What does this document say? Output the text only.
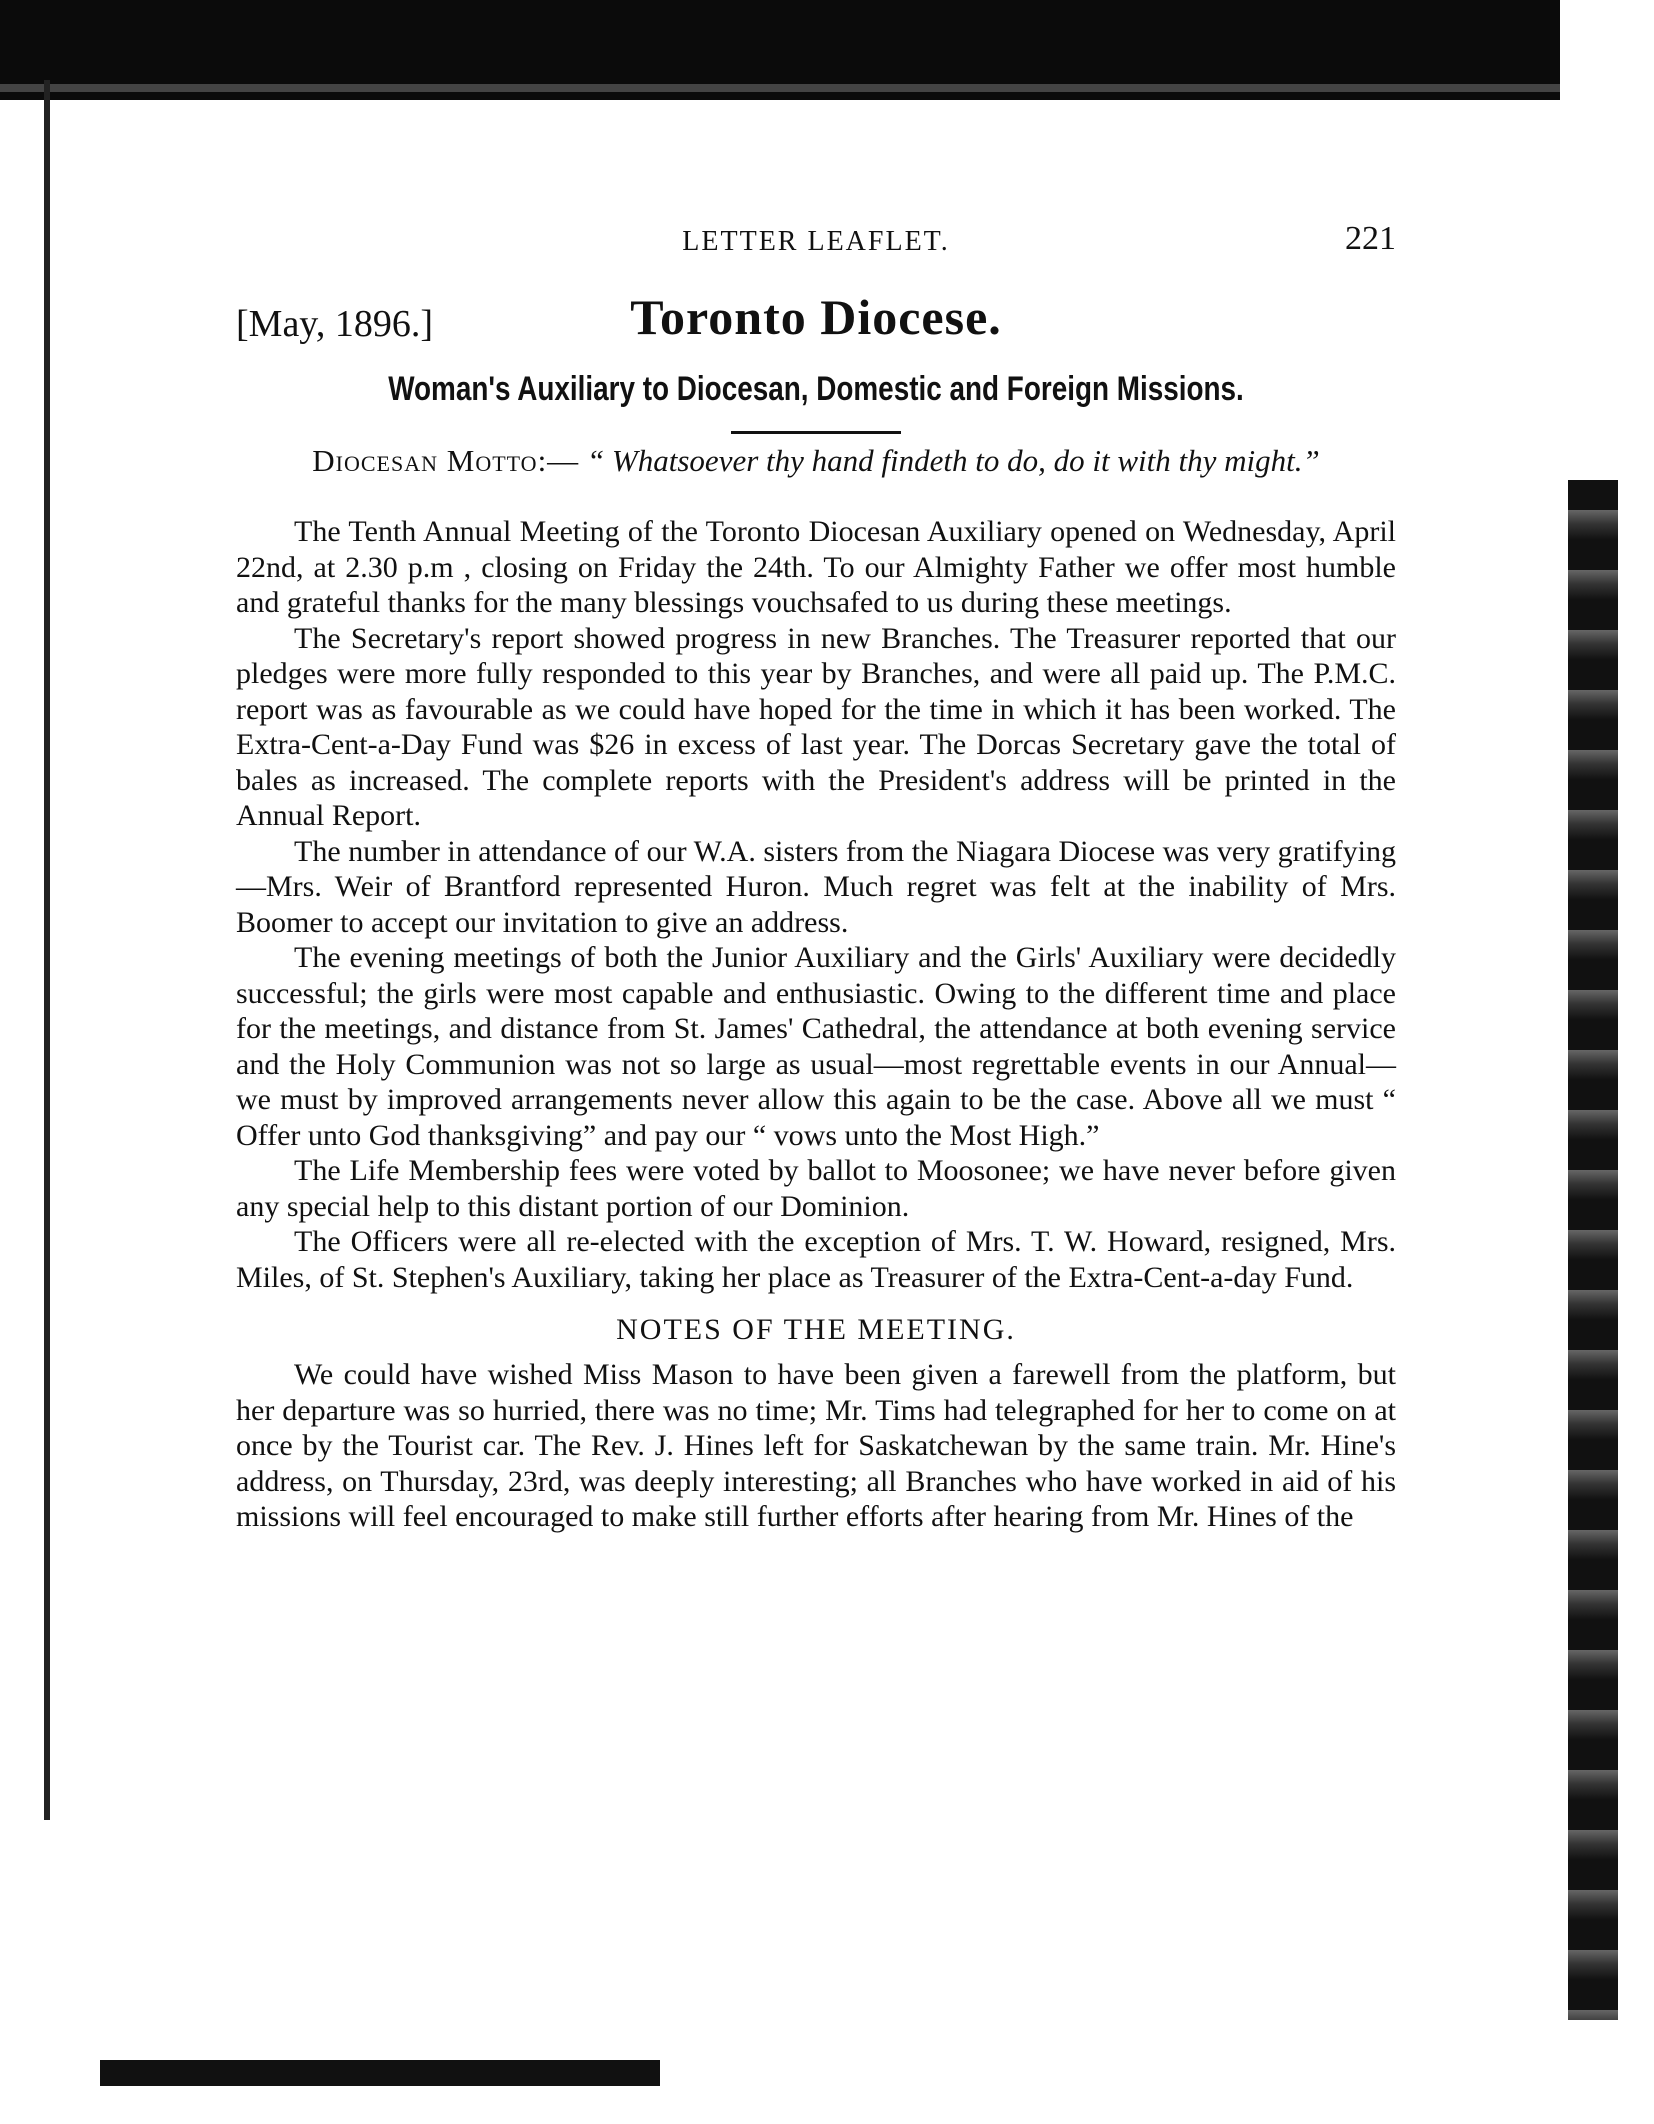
LETTER LEAFLET.	221
[May, 1896.]	Toronto Diocese.
Woman's Auxiliary to Diocesan, Domestic and Foreign Missions.
Diocesan Motto:— “ Whatsoever thy hand findeth to do, do it with thy might.”

The Tenth Annual Meeting of the Toronto Diocesan Auxiliary opened on Wednesday, April 22nd, at 2.30 p.m , closing on Friday the 24th. To our Almighty Father we offer most humble and grateful thanks for the many blessings vouchsafed to us during these meetings.

The Secretary's report showed progress in new Branches. The Treasurer reported that our pledges were more fully responded to this year by Branches, and were all paid up. The P.M.C. report was as favourable as we could have hoped for the time in which it has been worked. The Extra-Cent-a-Day Fund was $26 in excess of last year. The Dorcas Secretary gave the total of bales as increased. The complete reports with the President's address will be printed in the Annual Report.

The number in attendance of our W.A. sisters from the Niagara Diocese was very gratifying—Mrs. Weir of Brantford represented Huron. Much regret was felt at the inability of Mrs. Boomer to accept our invitation to give an address.

The evening meetings of both the Junior Auxiliary and the Girls' Auxiliary were decidedly successful; the girls were most capable and enthusiastic. Owing to the different time and place for the meetings, and distance from St. James' Cathedral, the attendance at both evening service and the Holy Communion was not so large as usual—most regrettable events in our Annual—we must by improved arrangements never allow this again to be the case. Above all we must “ Offer unto God thanksgiving” and pay our “ vows unto the Most High.”

The Life Membership fees were voted by ballot to Moosonee; we have never before given any special help to this distant portion of our Dominion.

The Officers were all re-elected with the exception of Mrs. T. W. Howard, resigned, Mrs. Miles, of St. Stephen's Auxiliary, taking her place as Treasurer of the Extra-Cent-a-day Fund.

NOTES OF THE MEETING.

We could have wished Miss Mason to have been given a farewell from the platform, but her departure was so hurried, there was no time; Mr. Tims had telegraphed for her to come on at once by the Tourist car. The Rev. J. Hines left for Saskatchewan by the same train. Mr. Hine's address, on Thursday, 23rd, was deeply interesting; all Branches who have worked in aid of his missions will feel encouraged to make still further efforts after hearing from Mr. Hines of the
